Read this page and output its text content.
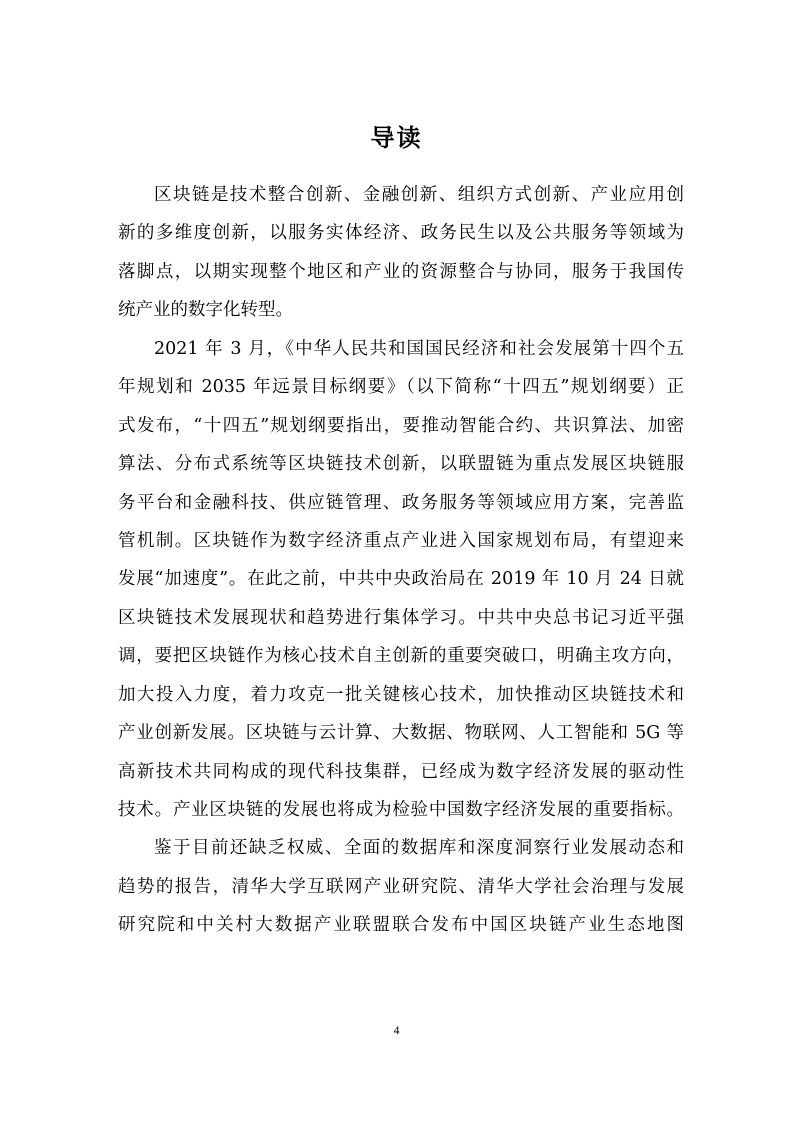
导读
区块链是技术整合创新、金融创新、组织方式创新、产业应用创
新的多维度创新，以服务实体经济、政务民生以及公共服务等领域为
落脚点，以期实现整个地区和产业的资源整合与协同，服务于我国传
统产业的数字化转型。
2021 年 3 月，《中华人民共和国国民经济和社会发展第十四个五
年规划和 2035 年远景目标纲要》（以下简称“十四五”规划纲要）正
式发布，“十四五”规划纲要指出，要推动智能合约、共识算法、加密
算法、分布式系统等区块链技术创新，以联盟链为重点发展区块链服
务平台和金融科技、供应链管理、政务服务等领域应用方案，完善监
管机制。区块链作为数字经济重点产业进入国家规划布局，有望迎来
发展“加速度”。在此之前，中共中央政治局在 2019 年 10 月 24 日就
区块链技术发展现状和趋势进行集体学习。中共中央总书记习近平强
调，要把区块链作为核心技术自主创新的重要突破口，明确主攻方向，
加大投入力度，着力攻克一批关键核心技术，加快推动区块链技术和
产业创新发展。区块链与云计算、大数据、物联网、人工智能和 5G 等
高新技术共同构成的现代科技集群，已经成为数字经济发展的驱动性
技术。产业区块链的发展也将成为检验中国数字经济发展的重要指标。
鉴于目前还缺乏权威、全面的数据库和深度洞察行业发展动态和
趋势的报告，清华大学互联网产业研究院、清华大学社会治理与发展
研究院和中关村大数据产业联盟联合发布中国区块链产业生态地图
4
